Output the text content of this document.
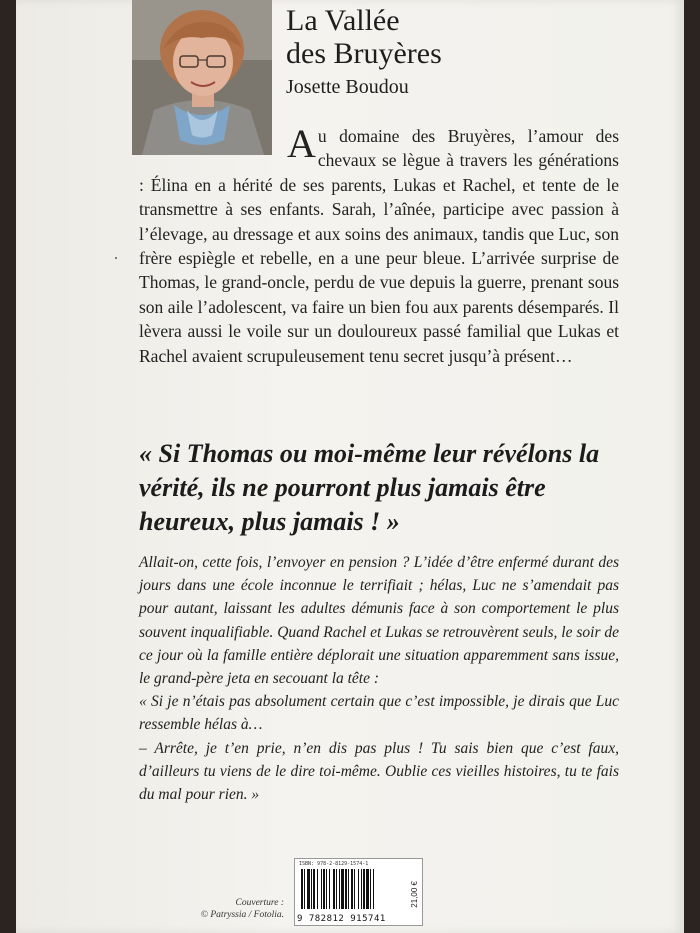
La Vallée
des Bruyères

Josette Boudou

Au domaine des Bruyères, l’amour des chevaux se lègue à travers les générations : Élina en a hérité de ses parents, Lukas et Rachel, et tente de le transmettre à ses enfants. Sarah, l’aînée, participe avec passion à l’élevage, au dressage et aux soins des animaux, tandis que Luc, son frère espiègle et rebelle, en a une peur bleue. L’arrivée surprise de Thomas, le grand-oncle, perdu de vue depuis la guerre, prenant sous son aile l’adolescent, va faire un bien fou aux parents désemparés. Il lèvera aussi le voile sur un douloureux passé familial que Lukas et Rachel avaient scrupuleusement tenu secret jusqu’à présent…

« Si Thomas ou moi-même leur révélons la vérité, ils ne pourront plus jamais être heureux, plus jamais ! »

Allait-on, cette fois, l’envoyer en pension ? L’idée d’être enfermé durant des jours dans une école inconnue le terrifiait ; hélas, Luc ne s’amendait pas pour autant, laissant les adultes démunis face à son comportement le plus souvent inqualifiable. Quand Rachel et Lukas se retrouvèrent seuls, le soir de ce jour où la famille entière déplorait une situation apparemment sans issue, le grand-père jeta en secouant la tête :

« Si je n’étais pas absolument certain que c’est impossible, je dirais que Luc ressemble hélas à…

– Arrête, je t’en prie, n’en dis pas plus ! Tu sais bien que c’est faux, d’ailleurs tu viens de le dire toi-même. Oublie ces vieilles histoires, tu te fais du mal pour rien. »

Couverture :
© Patryssia / Fotolia.
ISBN: 978-2-8129-1574-1
9 782812 915741
21,00 €
